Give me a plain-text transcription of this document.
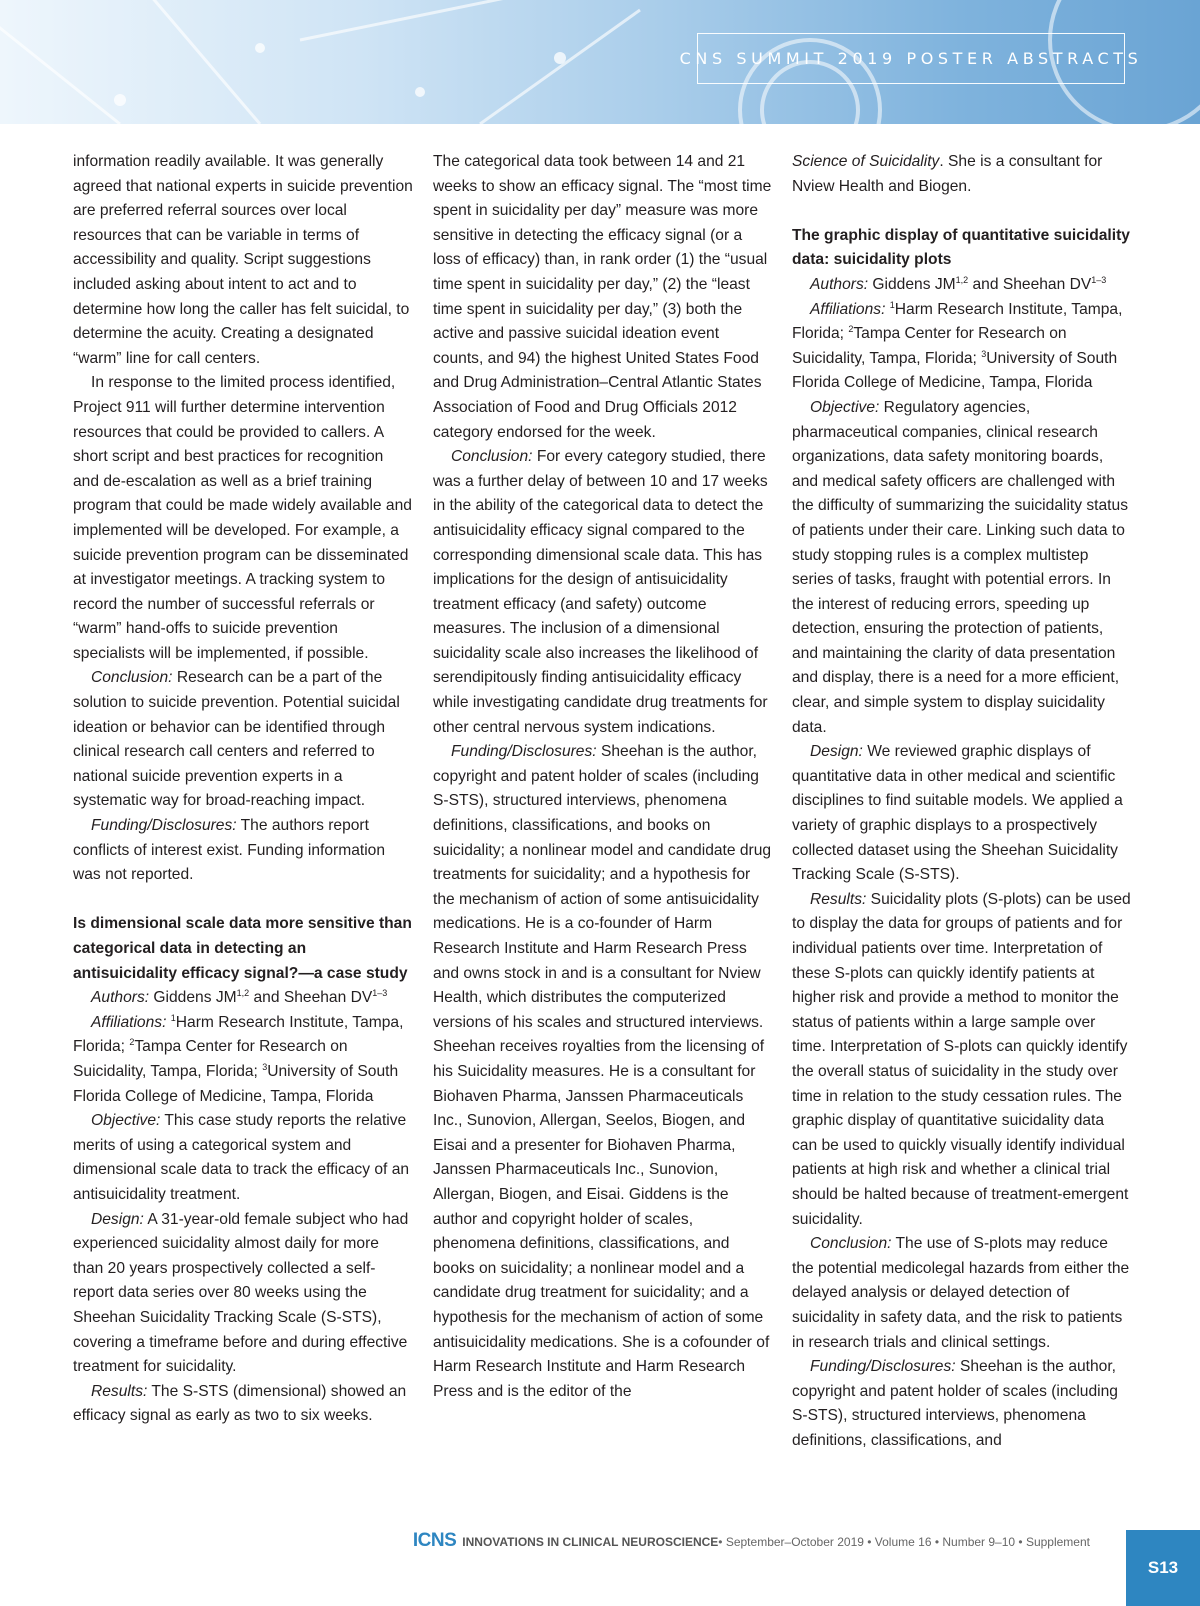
CNS SUMMIT 2019 POSTER ABSTRACTS

information readily available. It was generally agreed that national experts in suicide prevention are preferred referral sources over local resources that can be variable in terms of accessibility and quality. Script suggestions included asking about intent to act and to determine how long the caller has felt suicidal, to determine the acuity. Creating a designated “warm” line for call centers.

In response to the limited process identified, Project 911 will further determine intervention resources that could be provided to callers. A short script and best practices for recognition and de-escalation as well as a brief training program that could be made widely available and implemented will be developed. For example, a suicide prevention program can be disseminated at investigator meetings. A tracking system to record the number of successful referrals or “warm” hand-offs to suicide prevention specialists will be implemented, if possible.

Conclusion: Research can be a part of the solution to suicide prevention. Potential suicidal ideation or behavior can be identified through clinical research call centers and referred to national suicide prevention experts in a systematic way for broad-reaching impact.

Funding/Disclosures: The authors report conflicts of interest exist. Funding information was not reported.

Is dimensional scale data more sensitive than categorical data in detecting an antisuicidality efficacy signal?—a case study

Authors: Giddens JM$^{1,2}$ and Sheehan DV$^{1-3}$

Affiliations: $^1$Harm Research Institute, Tampa, Florida; $^2$Tampa Center for Research on Suicidality, Tampa, Florida; $^3$University of South Florida College of Medicine, Tampa, Florida

Objective: This case study reports the relative merits of using a categorical system and dimensional scale data to track the efficacy of an antisuicidality treatment.

Design: A 31-year-old female subject who had experienced suicidality almost daily for more than 20 years prospectively collected a self-report data series over 80 weeks using the Sheehan Suicidality Tracking Scale (S-STS), covering a timeframe before and during effective treatment for suicidality.

Results: The S-STS (dimensional) showed an efficacy signal as early as two to six weeks.

The categorical data took between 14 and 21 weeks to show an efficacy signal. The “most time spent in suicidality per day” measure was more sensitive in detecting the efficacy signal (or a loss of efficacy) than, in rank order (1) the “usual time spent in suicidality per day,” (2) the “least time spent in suicidality per day,” (3) both the active and passive suicidal ideation event counts, and 94) the highest United States Food and Drug Administration–Central Atlantic States Association of Food and Drug Officials 2012 category endorsed for the week.

Conclusion: For every category studied, there was a further delay of between 10 and 17 weeks in the ability of the categorical data to detect the antisuicidality efficacy signal compared to the corresponding dimensional scale data. This has implications for the design of antisuicidality treatment efficacy (and safety) outcome measures. The inclusion of a dimensional suicidality scale also increases the likelihood of serendipitously finding antisuicidality efficacy while investigating candidate drug treatments for other central nervous system indications.

Funding/Disclosures: Sheehan is the author, copyright and patent holder of scales (including S-STS), structured interviews, phenomena definitions, classifications, and books on suicidality; a nonlinear model and candidate drug treatments for suicidality; and a hypothesis for the mechanism of action of some antisuicidality medications. He is a co-founder of Harm Research Institute and Harm Research Press and owns stock in and is a consultant for Nview Health, which distributes the computerized versions of his scales and structured interviews. Sheehan receives royalties from the licensing of his Suicidality measures. He is a consultant for Biohaven Pharma, Janssen Pharmaceuticals Inc., Sunovion, Allergan, Seelos, Biogen, and Eisai and a presenter for Biohaven Pharma, Janssen Pharmaceuticals Inc., Sunovion, Allergan, Biogen, and Eisai. Giddens is the author and copyright holder of scales, phenomena definitions, classifications, and books on suicidality; a nonlinear model and a candidate drug treatment for suicidality; and a hypothesis for the mechanism of action of some antisuicidality medications. She is a cofounder of Harm Research Institute and Harm Research Press and is the editor of the

Science of Suicidality. She is a consultant for Nview Health and Biogen.

The graphic display of quantitative suicidality data: suicidality plots

Authors: Giddens JM$^{1,2}$ and Sheehan DV$^{1-3}$

Affiliations: $^1$Harm Research Institute, Tampa, Florida; $^2$Tampa Center for Research on Suicidality, Tampa, Florida; $^3$University of South Florida College of Medicine, Tampa, Florida

Objective: Regulatory agencies, pharmaceutical companies, clinical research organizations, data safety monitoring boards, and medical safety officers are challenged with the difficulty of summarizing the suicidality status of patients under their care. Linking such data to study stopping rules is a complex multistep series of tasks, fraught with potential errors. In the interest of reducing errors, speeding up detection, ensuring the protection of patients, and maintaining the clarity of data presentation and display, there is a need for a more efficient, clear, and simple system to display suicidality data.

Design: We reviewed graphic displays of quantitative data in other medical and scientific disciplines to find suitable models. We applied a variety of graphic displays to a prospectively collected dataset using the Sheehan Suicidality Tracking Scale (S-STS).

Results: Suicidality plots (S-plots) can be used to display the data for groups of patients and for individual patients over time. Interpretation of these S-plots can quickly identify patients at higher risk and provide a method to monitor the status of patients within a large sample over time. Interpretation of S-plots can quickly identify the overall status of suicidality in the study over time in relation to the study cessation rules. The graphic display of quantitative suicidality data can be used to quickly visually identify individual patients at high risk and whether a clinical trial should be halted because of treatment-emergent suicidality.

Conclusion: The use of S-plots may reduce the potential medicolegal hazards from either the delayed analysis or delayed detection of suicidality in safety data, and the risk to patients in research trials and clinical settings.

Funding/Disclosures: Sheehan is the author, copyright and patent holder of scales (including S-STS), structured interviews, phenomena definitions, classifications, and

ICNS INNOVATIONS IN CLINICAL NEUROSCIENCE • September–October 2019 • Volume 16 • Number 9–10 • Supplement
S13
